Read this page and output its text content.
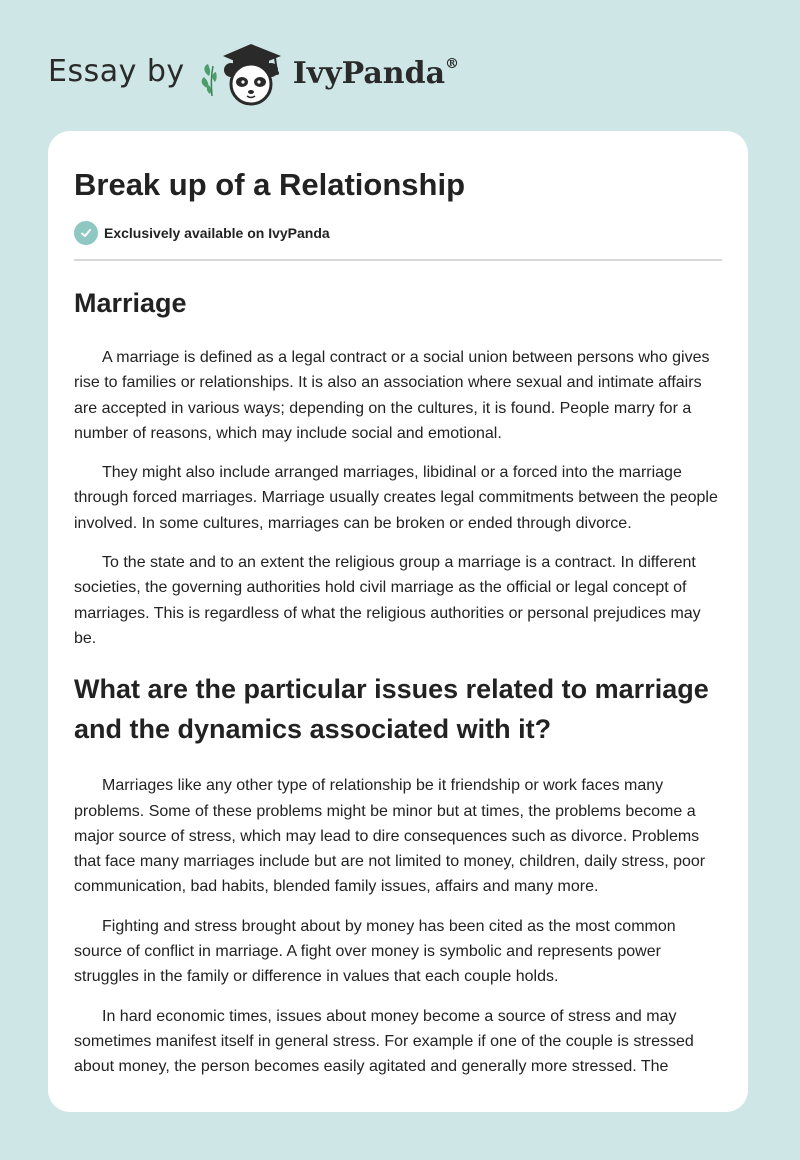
Essay by	IvyPanda®
Break up of a Relationship
Exclusively available on IvyPanda
Marriage

A marriage is defined as a legal contract or a social union between persons who gives rise to families or relationships. It is also an association where sexual and intimate affairs are accepted in various ways; depending on the cultures, it is found. People marry for a number of reasons, which may include social and emotional.

They might also include arranged marriages, libidinal or a forced into the marriage through forced marriages. Marriage usually creates legal commitments between the people involved. In some cultures, marriages can be broken or ended through divorce.

To the state and to an extent the religious group a marriage is a contract. In different societies, the governing authorities hold civil marriage as the official or legal concept of marriages. This is regardless of what the religious authorities or personal prejudices may be.

What are the particular issues related to marriage and the dynamics associated with it?

Marriages like any other type of relationship be it friendship or work faces many problems. Some of these problems might be minor but at times, the problems become a major source of stress, which may lead to dire consequences such as divorce. Problems that face many marriages include but are not limited to money, children, daily stress, poor communication, bad habits, blended family issues, affairs and many more.

Fighting and stress brought about by money has been cited as the most common source of conflict in marriage. A fight over money is symbolic and represents power struggles in the family or difference in values that each couple holds.

In hard economic times, issues about money become a source of stress and may sometimes manifest itself in general stress. For example if one of the couple is stressed about money, the person becomes easily agitated and generally more stressed. The
